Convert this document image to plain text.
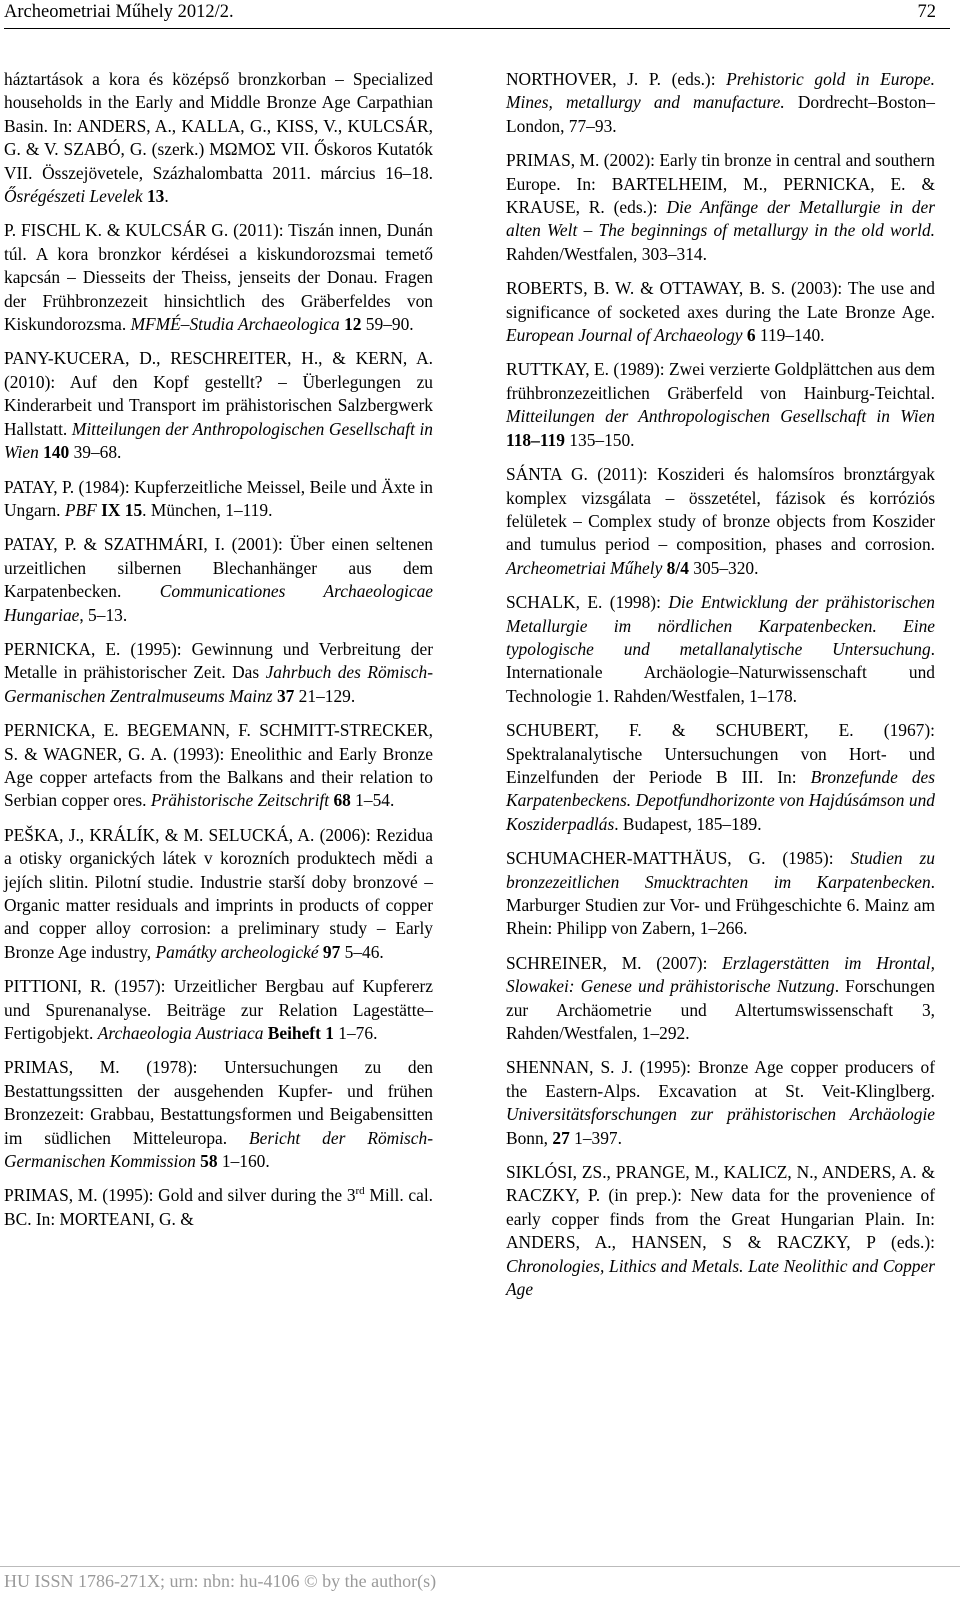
Archeometriai Műhely 2012/2.	72

háztartások a kora és középső bronzkorban – Specialized households in the Early and Middle Bronze Age Carpathian Basin. In: ANDERS, A., KALLA, G., KISS, V., KULCSÁR, G. & V. SZABÓ, G. (szerk.) ΜΩΜΟΣ VII. Őskoros Kutatók VII. Összejövetele, Százhalombatta 2011. március 16–18. Ősrégészeti Levelek 13.

P. FISCHL K. & KULCSÁR G. (2011): Tiszán innen, Dunán túl. A kora bronzkor kérdései a kiskundorozsmai temető kapcsán – Diesseits der Theiss, jenseits der Donau. Fragen der Frühbronzezeit hinsichtlich des Gräberfeldes von Kiskundorozsma. MFMÉ–Studia Archaeologica 12 59–90.

PANY-KUCERA, D., RESCHREITER, H., & KERN, A. (2010): Auf den Kopf gestellt? – Überlegungen zu Kinderarbeit und Transport im prähistorischen Salzbergwerk Hallstatt. Mitteilungen der Anthropologischen Gesellschaft in Wien 140 39–68.

PATAY, P. (1984): Kupferzeitliche Meissel, Beile und Äxte in Ungarn. PBF IX 15. München, 1–119.

PATAY, P. & SZATHMÁRI, I. (2001): Über einen seltenen urzeitlichen silbernen Blechanhänger aus dem Karpatenbecken. Communicationes Archaeologicae Hungariae, 5–13.

PERNICKA, E. (1995): Gewinnung und Verbreitung der Metalle in prähistorischer Zeit. Das Jahrbuch des Römisch-Germanischen Zentralmuseums Mainz 37 21–129.

PERNICKA, E. BEGEMANN, F. SCHMITT-STRECKER, S. & WAGNER, G. A. (1993): Eneolithic and Early Bronze Age copper artefacts from the Balkans and their relation to Serbian copper ores. Prähistorische Zeitschrift 68 1–54.

PEŠKA, J., KRÁLÍK, & M. SELUCKÁ, A. (2006): Rezidua a otisky organických látek v korozních produktech mědi a jejích slitin. Pilotní studie. Industrie starší doby bronzové – Organic matter residuals and imprints in products of copper and copper alloy corrosion: a preliminary study – Early Bronze Age industry, Památky archeologické 97 5–46.

PITTIONI, R. (1957): Urzeitlicher Bergbau auf Kupfererz und Spurenanalyse. Beiträge zur Relation Lagestätte–Fertigobjekt. Archaeologia Austriaca Beiheft 1 1–76.

PRIMAS, M. (1978): Untersuchungen zu den Bestattungssitten der ausgehenden Kupfer- und frühen Bronzezeit: Grabbau, Bestattungsformen und Beigabensitten im südlichen Mitteleuropa. Bericht der Römisch-Germanischen Kommission 58 1–160.

PRIMAS, M. (1995): Gold and silver during the 3rd Mill. cal. BC. In: MORTEANI, G. &

NORTHOVER, J. P. (eds.): Prehistoric gold in Europe. Mines, metallurgy and manufacture. Dordrecht–Boston–London, 77–93.

PRIMAS, M. (2002): Early tin bronze in central and southern Europe. In: BARTELHEIM, M., PERNICKA, E. & KRAUSE, R. (eds.): Die Anfänge der Metallurgie in der alten Welt – The beginnings of metallurgy in the old world. Rahden/Westfalen, 303–314.

ROBERTS, B. W. & OTTAWAY, B. S. (2003): The use and significance of socketed axes during the Late Bronze Age. European Journal of Archaeology 6 119–140.

RUTTKAY, E. (1989): Zwei verzierte Goldplättchen aus dem frühbronzezeitlichen Gräberfeld von Hainburg-Teichtal. Mitteilungen der Anthropologischen Gesellschaft in Wien 118–119 135–150.

SÁNTA G. (2011): Koszideri és halomsíros bronztárgyak komplex vizsgálata – összetétel, fázisok és korróziós felületek – Complex study of bronze objects from Koszider and tumulus period – composition, phases and corrosion. Archeometriai Műhely 8/4 305–320.

SCHALK, E. (1998): Die Entwicklung der prähistorischen Metallurgie im nördlichen Karpatenbecken. Eine typologische und metallanalytische Untersuchung. Internationale Archäologie–Naturwissenschaft und Technologie 1. Rahden/Westfalen, 1–178.

SCHUBERT, F. & SCHUBERT, E. (1967): Spektralanalytische Untersuchungen von Hort- und Einzelfunden der Periode B III. In: Bronzefunde des Karpatenbeckens. Depotfundhorizonte von Hajdúsámson und Kosziderpadlás. Budapest, 185–189.

SCHUMACHER-MATTHÄUS, G. (1985): Studien zu bronzezeitlichen Smucktrachten im Karpatenbecken. Marburger Studien zur Vor- und Frühgeschichte 6. Mainz am Rhein: Philipp von Zabern, 1–266.

SCHREINER, M. (2007): Erzlagerstätten im Hrontal, Slowakei: Genese und prähistorische Nutzung. Forschungen zur Archäometrie und Altertumswissenschaft 3, Rahden/Westfalen, 1–292.

SHENNAN, S. J. (1995): Bronze Age copper producers of the Eastern-Alps. Excavation at St. Veit-Klinglberg. Universitätsforschungen zur prähistorischen Archäologie Bonn, 27 1–397.

SIKLÓSI, ZS., PRANGE, M., KALICZ, N., ANDERS, A. & RACZKY, P. (in prep.): New data for the provenience of early copper finds from the Great Hungarian Plain. In: ANDERS, A., HANSEN, S & RACZKY, P (eds.): Chronologies, Lithics and Metals. Late Neolithic and Copper Age

HU ISSN 1786-271X; urn: nbn: hu-4106 © by the author(s)
